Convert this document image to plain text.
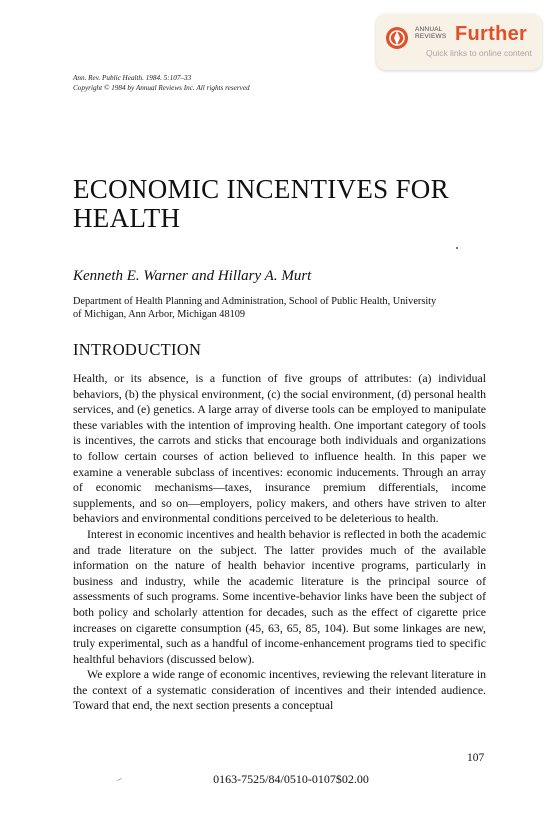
ANNUAL
REVIEWS Further
Quick links to online content
Ann. Rev. Public Health. 1984. 5:107–33
Copyright © 1984 by Annual Reviews Inc. All rights reserved
ECONOMIC INCENTIVES FOR
HEALTH
Kenneth E. Warner and Hillary A. Murt
Department of Health Planning and Administration, School of Public Health, University
of Michigan, Ann Arbor, Michigan 48109
INTRODUCTION

Health, or its absence, is a function of five groups of attributes: (a) individual behaviors, (b) the physical environment, (c) the social environment, (d) personal health services, and (e) genetics. A large array of diverse tools can be employed to manipulate these variables with the intention of improving health. One important category of tools is incentives, the carrots and sticks that encourage both individuals and organizations to follow certain courses of action believed to influence health. In this paper we examine a venerable subclass of incentives: economic inducements. Through an array of economic mechanisms—taxes, insurance premium differentials, income supplements, and so on—employers, policy makers, and others have striven to alter behaviors and environmental conditions perceived to be deleterious to health.

Interest in economic incentives and health behavior is reflected in both the academic and trade literature on the subject. The latter provides much of the available information on the nature of health behavior incentive programs, particularly in business and industry, while the academic literature is the principal source of assessments of such programs. Some incentive-behavior links have been the subject of both policy and scholarly attention for decades, such as the effect of cigarette price increases on cigarette consumption (45, 63, 65, 85, 104). But some linkages are new, truly experimental, such as a handful of income-enhancement programs tied to specific healthful behaviors (discussed below).

We explore a wide range of economic incentives, reviewing the relevant literature in the context of a systematic consideration of incentives and their intended audience. Toward that end, the next section presents a conceptual

107
0163-7525/84/0510-0107$02.00
